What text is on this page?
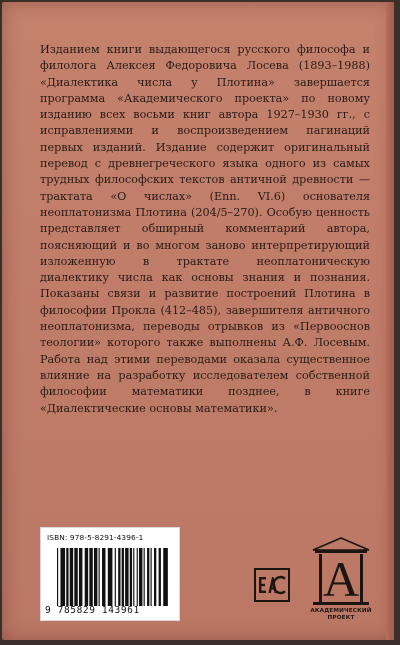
Изданием книги выдающегося русского философа и филолога Алексея Федоровича Лосева (1893–1988) «Диалектика числа у Плотина» завершается программа «Академического проекта» по новому изданию всех восьми книг автора 1927–1930 гг., с исправлениями и воспроизведением пагинаций первых изданий. Издание содержит оригинальный перевод с древнегреческого языка одного из самых трудных философских текстов античной древности — трактата «О числах» (Enn. VI.6) основателя неоплатонизма Плотина (204/5–270). Особую ценность представляет обширный комментарий автора, поясняющий и во многом заново интерпретирующий изложенную в трактате неоплатоническую диалектику числа как основы знания и познания. Показаны связи и развитие построений Плотина в философии Прокла (412–485), завершителя античного неоплатонизма, переводы отрывков из «Первооснов теологии» которого также выполнены А.Ф. Лосевым. Работа над этими переводами оказала существенное влияние на разработку исследователем собственной философии математики позднее, в книге «Диалектические основы математики».

ISBN: 978-5-8291-4396-1
9 785829 143961
A
АКАДЕМИЧЕСКИЙ
ПРОЕКТ
